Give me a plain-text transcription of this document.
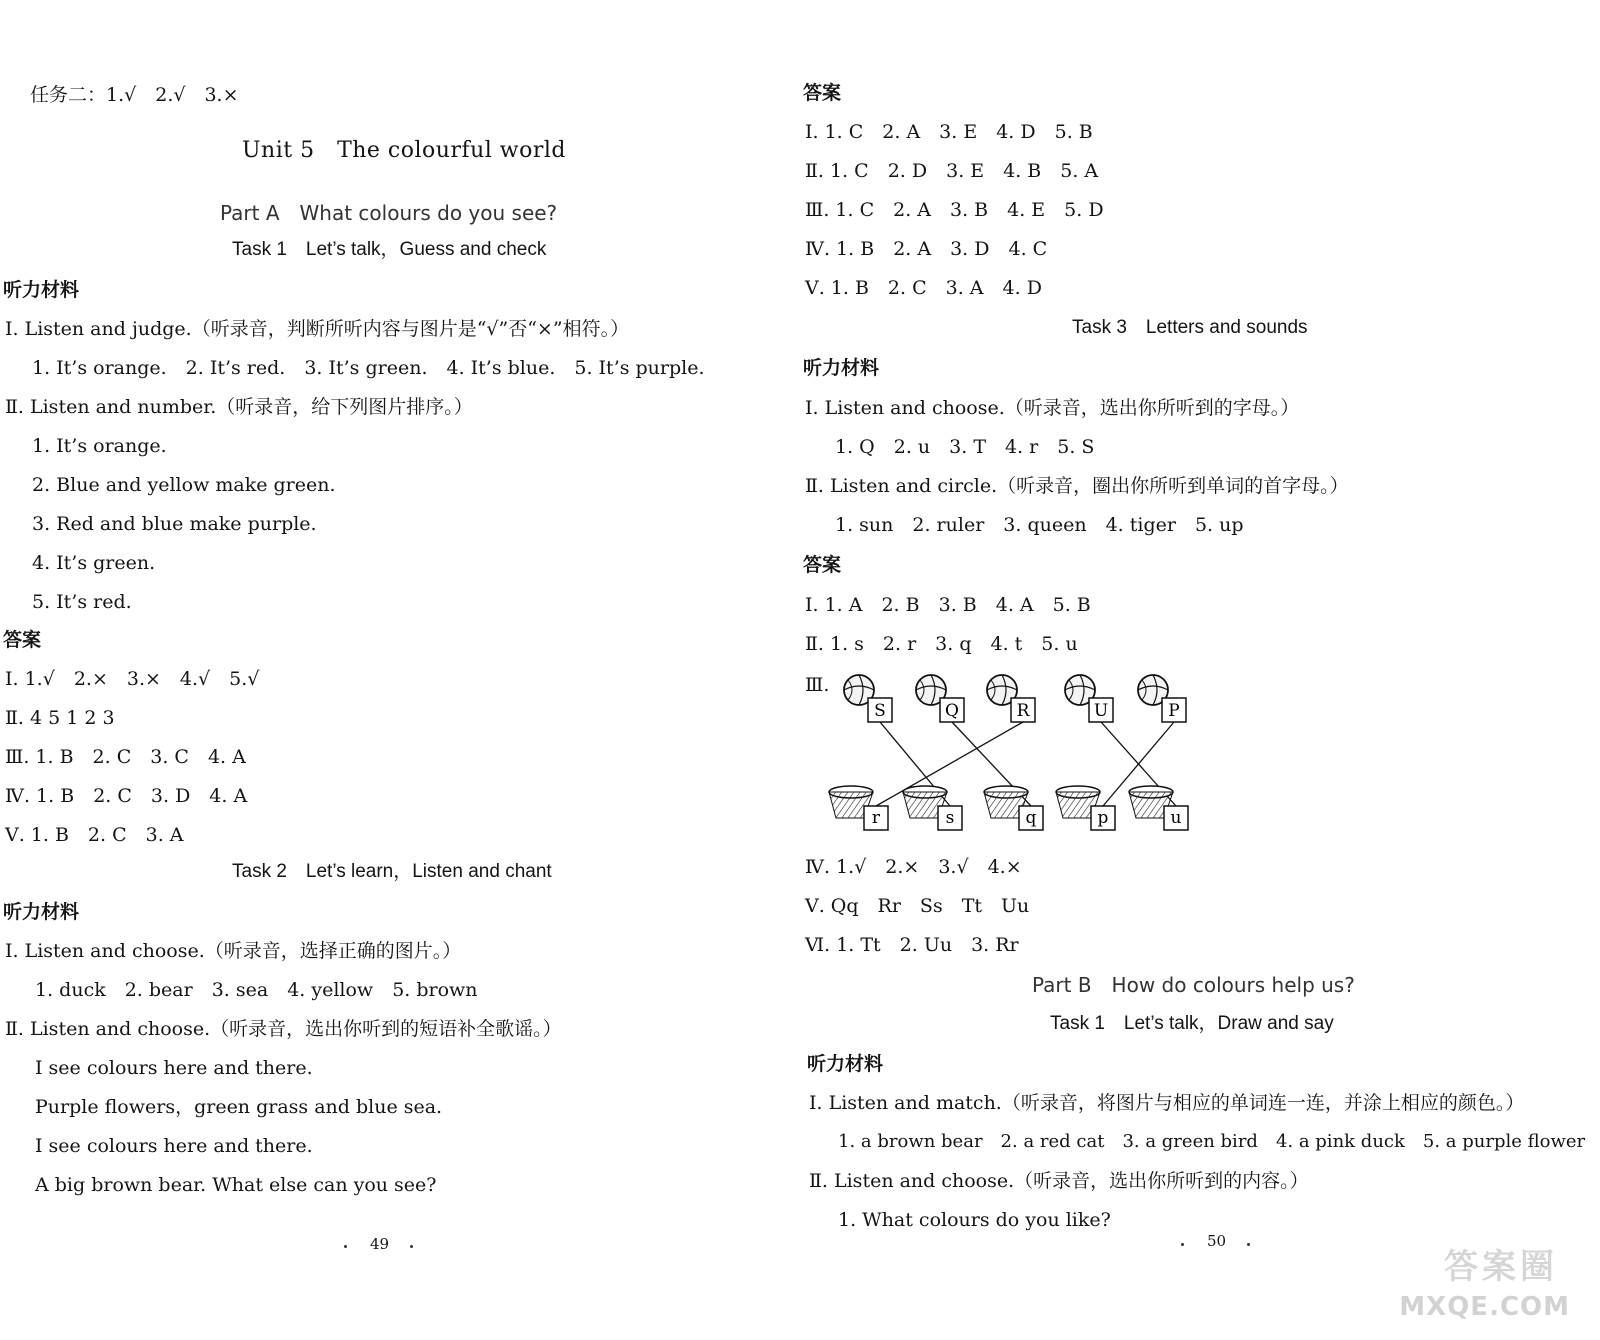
任务二：1.√　2.√　3.×
Unit 5　The colourful world
Part A　What colours do you see?
Task 1　Let’s talk，Guess and check
听力材料
Ⅰ. Listen and judge.（听录音，判断所听内容与图片是“√”否“×”相符。）
1. It’s orange.　2. It’s red.　3. It’s green.　4. It’s blue.　5. It’s purple.
Ⅱ. Listen and number.（听录音，给下列图片排序。）
1. It’s orange.
2. Blue and yellow make green.
3. Red and blue make purple.
4. It’s green.
5. It’s red.
答案
Ⅰ. 1.√　2.×　3.×　4.√　5.√
Ⅱ. 4 5 1 2 3
Ⅲ. 1. B　2. C　3. C　4. A
Ⅳ. 1. B　2. C　3. D　4. A
Ⅴ. 1. B　2. C　3. A
Task 2　Let’s learn，Listen and chant
听力材料
Ⅰ. Listen and choose.（听录音，选择正确的图片。）
1. duck　2. bear　3. sea　4. yellow　5. brown
Ⅱ. Listen and choose.（听录音，选出你听到的短语补全歌谣。）
I see colours here and there.
Purple flowers，green grass and blue sea.
I see colours here and there.
A big brown bear. What else can you see?
49
答案
Ⅰ. 1. C　2. A　3. E　4. D　5. B
Ⅱ. 1. C　2. D　3. E　4. B　5. A
Ⅲ. 1. C　2. A　3. B　4. E　5. D
Ⅳ. 1. B　2. A　3. D　4. C
Ⅴ. 1. B　2. C　3. A　4. D
Task 3　Letters and sounds
听力材料
Ⅰ. Listen and choose.（听录音，选出你所听到的字母。）
1. Q　2. u　3. T　4. r　5. S
Ⅱ. Listen and circle.（听录音，圈出你所听到单词的首字母。）
1. sun　2. ruler　3. queen　4. tiger　5. up
答案
Ⅰ. 1. A　2. B　3. B　4. A　5. B
Ⅱ. 1. s　2. r　3. q　4. t　5. u
Ⅲ.
Ⅳ. 1.√　2.×　3.√　4.×
Ⅴ. Qq　Rr　Ss　Tt　Uu
Ⅵ. 1. Tt　2. Uu　3. Rr
Part B　How do colours help us?
Task 1　Let’s talk，Draw and say
听力材料
Ⅰ. Listen and match.（听录音，将图片与相应的单词连一连，并涂上相应的颜色。）
1. a brown bear　2. a red cat　3. a green bird　4. a pink duck　5. a purple flower
Ⅱ. Listen and choose.（听录音，选出你所听到的内容。）
1. What colours do you like?
50
S	Q	R	U	P
r	s	q	p	u
答案圈
MXQE.COM
